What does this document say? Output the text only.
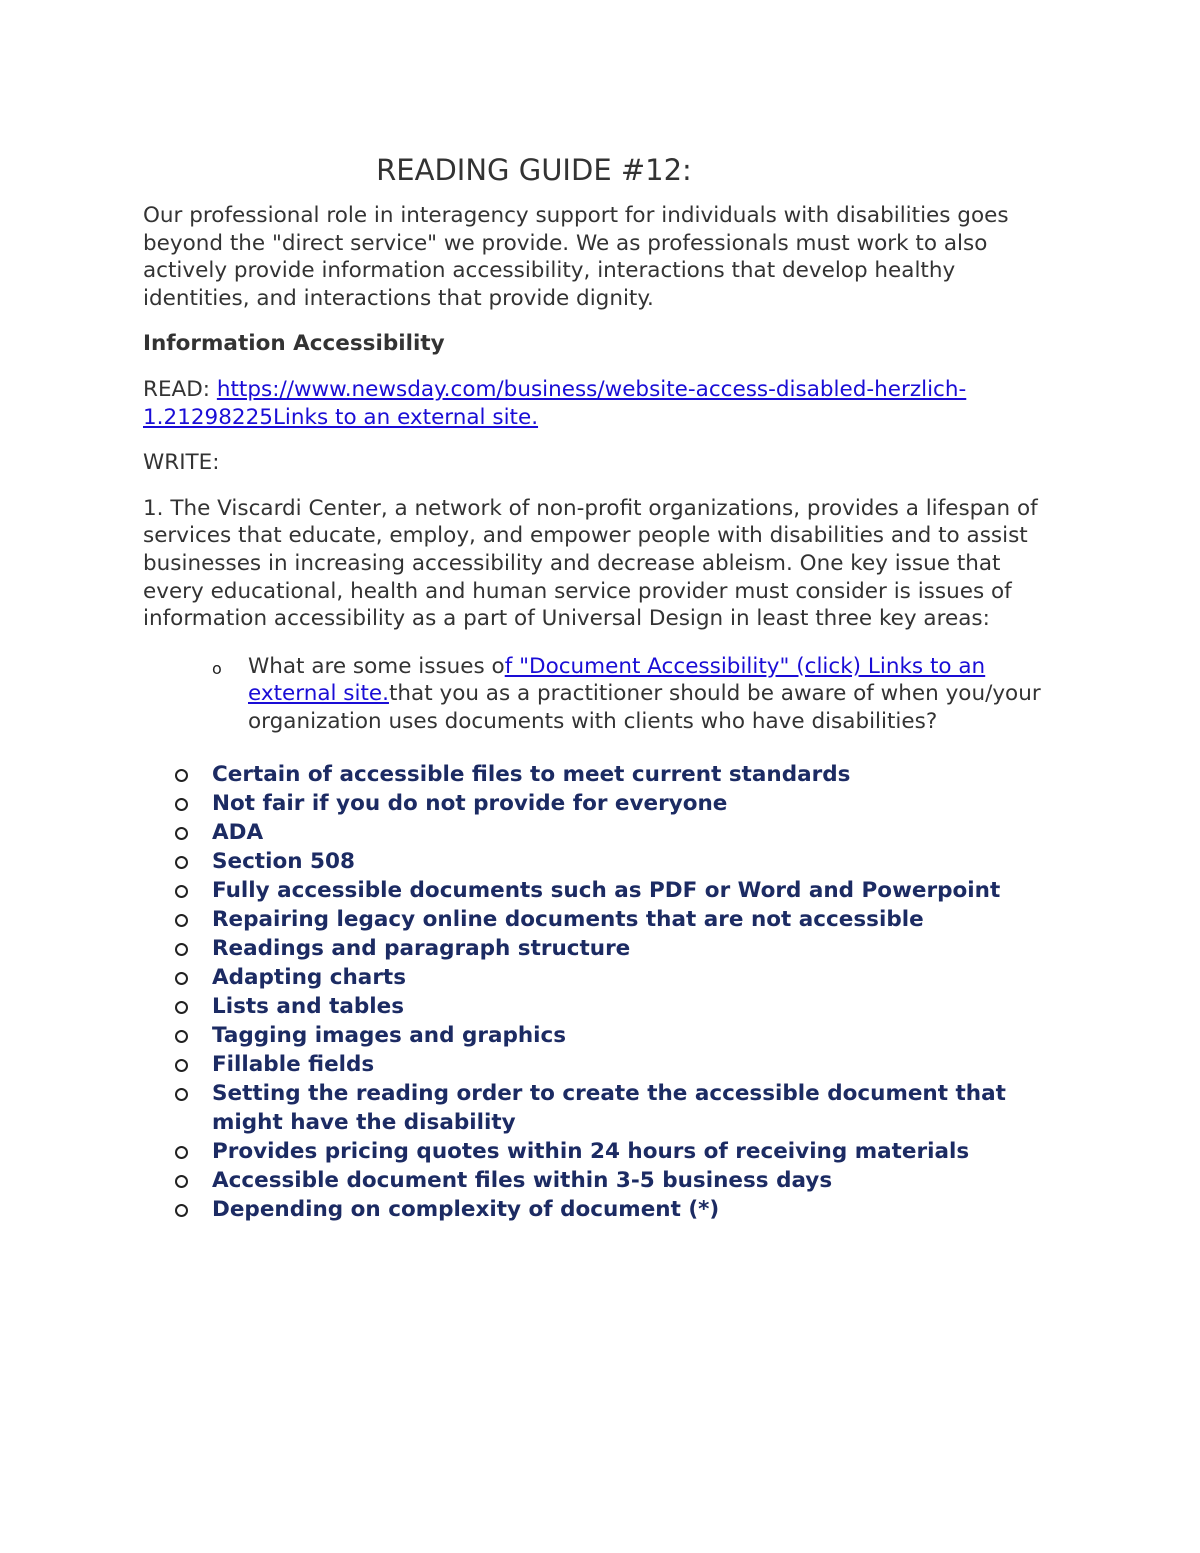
READING GUIDE #12:

Our professional role in interagency support for individuals with disabilities goes beyond the "direct service" we provide. We as professionals must work to also actively provide information accessibility, interactions that develop healthy identities, and interactions that provide dignity.

Information Accessibility

READ: https://www.newsday.com/business/website-access-disabled-herzlich-1.21298225Links to an external site.

WRITE:

1. The Viscardi Center, a network of non-profit organizations, provides a lifespan of services that educate, employ, and empower people with disabilities and to assist businesses in increasing accessibility and decrease ableism. One key issue that every educational, health and human service provider must consider is issues of information accessibility as a part of Universal Design in least three key areas:

o What are some issues of "Document Accessibility" (click) Links to an external site.that you as a practitioner should be aware of when you/your organization uses documents with clients who have disabilities?
Certain of accessible files to meet current standards
Not fair if you do not provide for everyone
ADA
Section 508
Fully accessible documents such as PDF or Word and Powerpoint
Repairing legacy online documents that are not accessible
Readings and paragraph structure
Adapting charts
Lists and tables
Tagging images and graphics
Fillable fields
Setting the reading order to create the accessible document that might have the disability
Provides pricing quotes within 24 hours of receiving materials
Accessible document files within 3-5 business days
Depending on complexity of document (*)
